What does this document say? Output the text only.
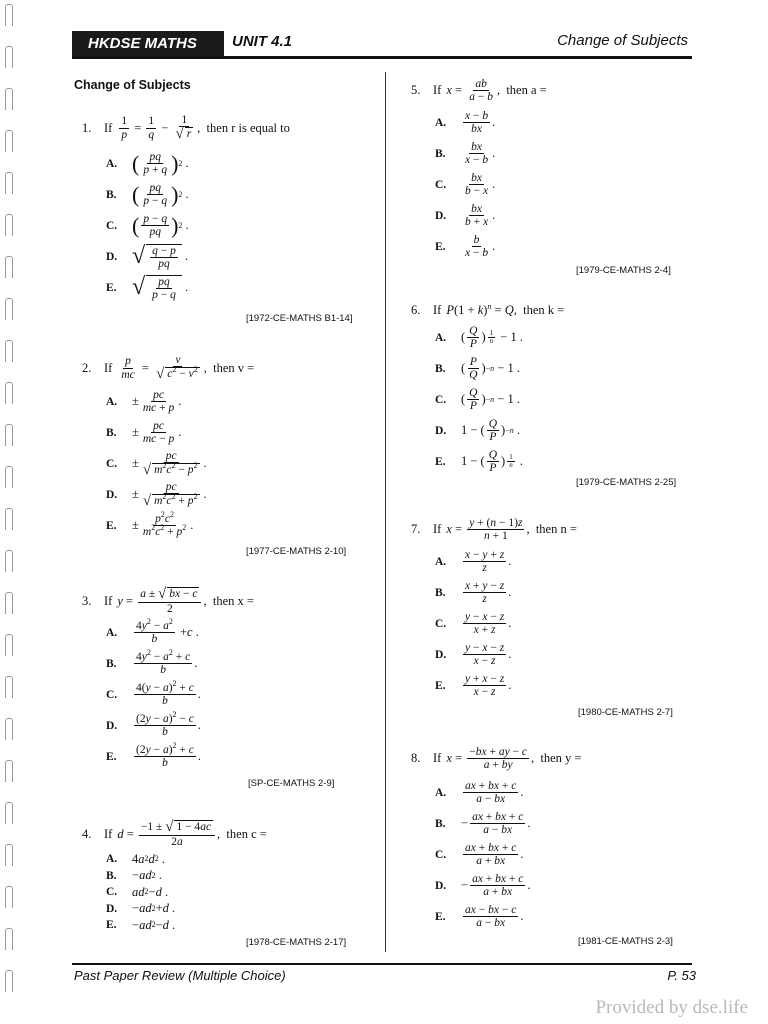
HKDSE MATHS	UNIT 4.1	Change of Subjects
Change of Subjects
1.	If $\frac{1}{p} = \frac{1}{q} - \frac{1}{√ r}$ , then r is equal to
A. ( $\frac{pq}{p + q}$ ) 2 .
B. ( $\frac{pq}{p - q}$ ) 2 .
C. ( $\frac{p - q}{pq}$ ) 2 .
D. √ $\frac{q - p}{pq}$ .
E. √ $\frac{pq}{p - q}$ .
[1972-CE-MATHS B1-14]
2.	If $\frac{p}{mc} = \frac{v}{√ c^2 - v^2}$ , then v =
A.	± $\frac{pc}{mc + p}$ .
B.	± $\frac{pc}{mc - p}$ .
C.	± $\frac{pc}{√ m^2c^2 - p^2}$ .
D.	± $\frac{pc}{√ m^2c^2 + p^2}$ .
E.	± $\frac{p^2c^2}{m^2c^2 + p^2}$ .
[1977-CE-MATHS 2-10]
3.	If $y = \frac{a \pm √ bx - c}{2}$ , then x =
A.	$\frac{4y^2 - a^2}{b} + c$ .
B.	$\frac{4y^2 - a^2 + c}{b}$ .
C.	$\frac{4(y - a)^2 + c}{b}$ .
D.	$\frac{(2y - a)^2 - c}{b}$ .
E.	$\frac{(2y - a)^2 + c}{b}$ .
[SP-CE-MATHS 2-9]
4.	If $d = \frac{-1 \pm √ 1 - 4ac}{2a}$ , then c =
A.	4 a 2 d 2 .
B.	− ad 2 .
C.	ad 2 − d .
D.	− ad 2 + d .
E.	− ad 2 − d .
[1978-CE-MATHS 2-17]
5.	If $x = \frac{ab}{a - b}$ , then a =
A.	$\frac{x - b}{bx}$ .
B.	$\frac{bx}{x - b}$ .
C.	$\frac{bx}{b - x}$ .
D.	$\frac{bx}{b + x}$ .
E.	$\frac{b}{x - b}$ .
[1979-CE-MATHS 2-4]
6.	If $P(1 + k)^n = Q$,
then k =
A.	( $\frac{Q}{P}$ ) $\frac{1}{n} - 1$ .
B.	( $\frac{P}{Q}$ ) −n − 1 .
C.	( $\frac{Q}{P}$ ) −n − 1 .
D.	1 − ( $\frac{Q}{P}$ ) −n .
E.	1 − ( $\frac{Q}{P}$ ) $\frac{1}{n}$ .
[1979-CE-MATHS 2-25]
7.	If $x = \frac{y + (n - 1)z}{n + 1}$ , then n =
A.	$\frac{x - y + z}{z}$ .
B.	$\frac{x + y - z}{z}$ .
C.	$\frac{y - x - z}{x + z}$ .
D.	$\frac{y - x - z}{x - z}$ .
E.	$\frac{y + x - z}{x - z}$ .
[1980-CE-MATHS 2-7]
8.	If $x = \frac{-bx + ay - c}{a + by}$ , then y =
A.	$\frac{ax + bx + c}{a - bx}$ .
B.	− $\frac{ax + bx + c}{a - bx}$ .
C.	$\frac{ax + bx + c}{a + bx}$ .
D.	− $\frac{ax + bx + c}{a + bx}$ .
E.	$\frac{ax - bx - c}{a - bx}$ .
[1981-CE-MATHS 2-3]
Past Paper Review (Multiple Choice)	P. 53
Provided by dse.life
